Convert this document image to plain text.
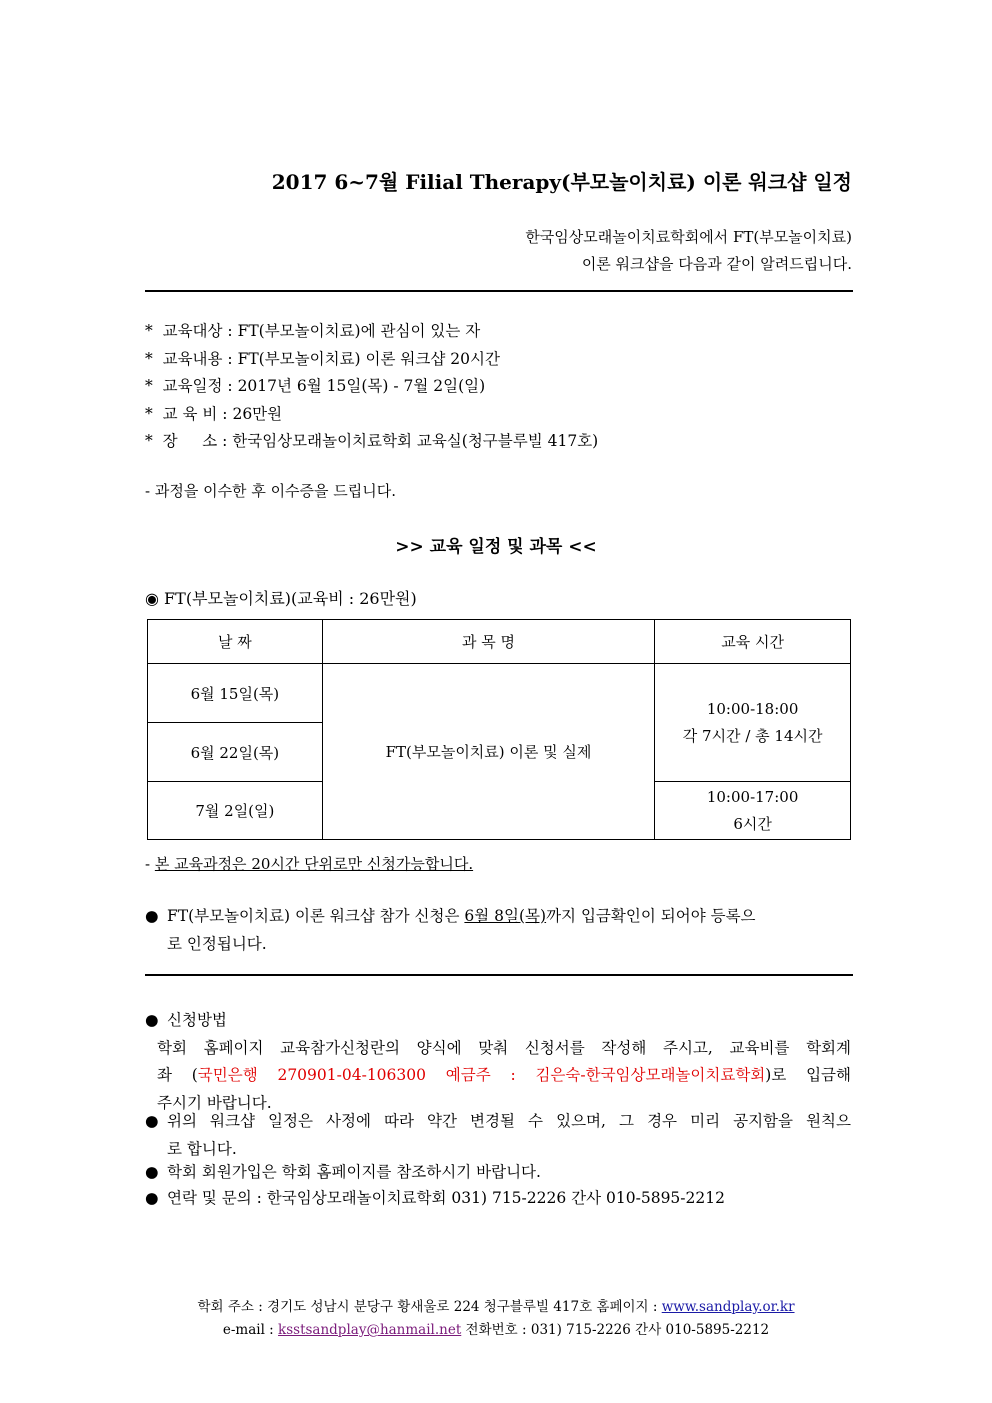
2017 6~7월 Filial Therapy(부모놀이치료) 이론 워크샵 일정
한국임상모래놀이치료학회에서 FT(부모놀이치료)
이론 워크샵을 다음과 같이 알려드립니다.
*  교육대상 : FT(부모놀이치료)에 관심이 있는 자
*  교육내용 : FT(부모놀이치료) 이론 워크샵 20시간
*  교육일정 : 2017년 6월 15일(목) - 7월 2일(일)
*  교 육 비 : 26만원
*  장     소 : 한국임상모래놀이치료학회 교육실(청구블루빌 417호)
- 과정을 이수한 후 이수증을 드립니다.
>> 교육 일정 및 과목 <<
◉ FT(부모놀이치료)(교육비 : 26만원)
날 짜	과 목 명	교육 시간
6월 15일(목)	FT(부모놀이치료) 이론 및 실제	10:00-18:00
각 7시간 / 총 14시간

6월 22일(목)		
7월 2일(일)		10:00-17:00
6시간
- 본 교육과정은 20시간 단위로만 신청가능합니다.
● FT(부모놀이치료) 이론 워크샵 참가 신청은 6월 8일(목)까지 입금확인이 되어야 등록으
로 인정됩니다.
● 신청방법
학회 홈페이지 교육참가신청란의 양식에 맞춰 신청서를 작성해 주시고, 교육비를 학회계
좌 (국민은행 270901-04-106300 예금주 : 김은숙-한국임상모래놀이치료학회)로 입금해
주시기 바랍니다.
● 위의 워크샵 일정은 사정에 따라 약간 변경될 수 있으며, 그 경우 미리 공지함을 원칙으
로 합니다.
● 학회 회원가입은 학회 홈페이지를 참조하시기 바랍니다.
● 연락 및 문의 : 한국임상모래놀이치료학회 031) 715-2226 간사 010-5895-2212
학회 주소 : 경기도 성남시 분당구 황새울로 224 청구블루빌 417호 홈페이지 : www.sandplay.or.kr
e-mail : ksstsandplay@hanmail.net 전화번호 : 031) 715-2226 간사 010-5895-2212
